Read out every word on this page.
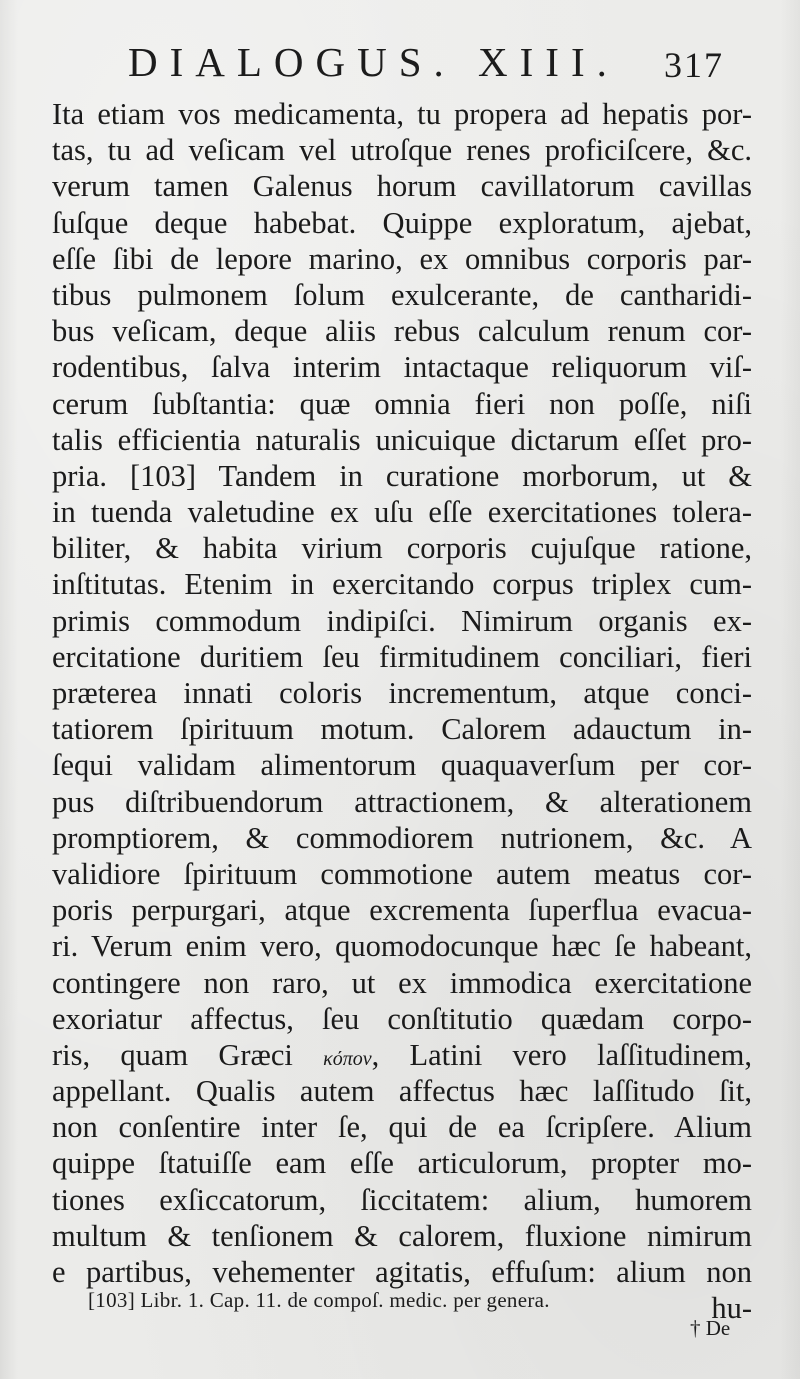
DIALOGUS. XIII. 317
Ita etiam vos medicamenta, tu propera ad hepatis por-
tas, tu ad veſicam vel utroſque renes proficiſcere, &c.
verum tamen Galenus horum cavillatorum cavillas
ſuſque deque habebat. Quippe exploratum, ajebat,
eſſe ſibi de lepore marino, ex omnibus corporis par-
tibus pulmonem ſolum exulcerante, de cantharidi-
bus veſicam, deque aliis rebus calculum renum cor-
rodentibus, ſalva interim intactaque reliquorum viſ-
cerum ſubſtantia: quæ omnia fieri non poſſe, niſi
talis efficientia naturalis unicuique dictarum eſſet pro-
pria. [103] Tandem in curatione morborum, ut &
in tuenda valetudine ex uſu eſſe exercitationes tolera-
biliter, & habita virium corporis cujuſque ratione,
inſtitutas. Etenim in exercitando corpus triplex cum-
primis commodum indipiſci. Nimirum organis ex-
ercitatione duritiem ſeu firmitudinem conciliari, fieri
præterea innati coloris incrementum, atque conci-
tatiorem ſpirituum motum. Calorem adauctum in-
ſequi validam alimentorum quaquaverſum per cor-
pus diſtribuendorum attractionem, & alterationem
promptiorem, & commodiorem nutrionem, &c. A
validiore ſpirituum commotione autem meatus cor-
poris perpurgari, atque excrementa ſuperflua evacua-
ri. Verum enim vero, quomodocunque hæc ſe habeant,
contingere non raro, ut ex immodica exercitatione
exoriatur affectus, ſeu conſtitutio quædam corpo-
ris, quam Græci κόπον, Latini vero laſſitudinem,
appellant. Qualis autem affectus hæc laſſitudo ſit,
non conſentire inter ſe, qui de ea ſcripſere. Alium
quippe ſtatuiſſe eam eſſe articulorum, propter mo-
tiones exſiccatorum, ſiccitatem: alium, humorem
multum & tenſionem & calorem, fluxione nimirum
e partibus, vehementer agitatis, effuſum: alium non
hu-
[103] Libr. 1. Cap. 11. de compoſ. medic. per genera.
† De
